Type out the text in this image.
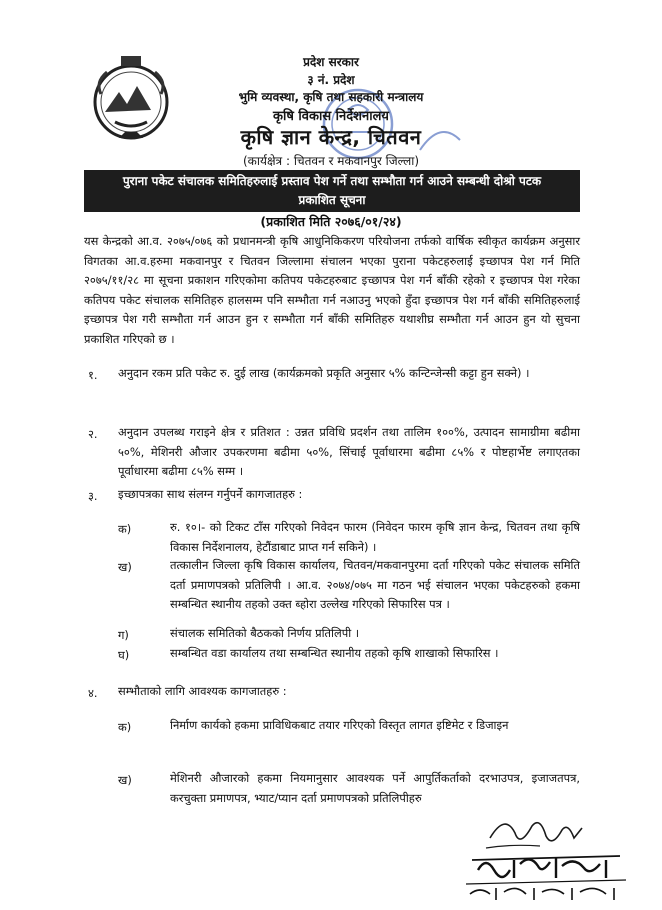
प्रदेश सरकार
३ नं. प्रदेश
भुमि व्यवस्था, कृषि तथा सहकारी मन्त्रालय
कृषि विकास निर्देशनालय
कृषि ज्ञान केन्द्र, चितवन
(कार्यक्षेत्र : चितवन र मकवानपुर जिल्ला)
पुराना पकेट संचालक समितिहरुलाई प्रस्ताव पेश गर्ने तथा सम्भौता गर्न आउने सम्बन्धी दोश्रो पटक
प्रकाशित सूचना
(प्रकाशित मिति २०७६/०१/२४)

यस केन्द्रको आ.व. २०७५/०७६ को प्रधानमन्त्री कृषि आधुनिकिकरण परियोजना तर्फको वार्षिक स्वीकृत कार्यक्रम अनुसार विगतका आ.व.हरुमा मकवानपुर र चितवन जिल्लामा संचालन भएका पुराना पकेटहरुलाई इच्छापत्र पेश गर्न मिति २०७५/११/२८ मा सूचना प्रकाशन गरिएकोमा कतिपय पकेटहरुबाट इच्छापत्र पेश गर्न बाँकी रहेको र इच्छापत्र पेश गरेका कतिपय पकेट संचालक समितिहरु हालसम्म पनि सम्भौता गर्न नआउनु भएको हुँदा इच्छापत्र पेश गर्न बाँकी समितिहरुलाई इच्छापत्र पेश गरी सम्भौता गर्न आउन हुन र सम्भौता गर्न बाँकी समितिहरु यथाशीघ्र सम्भौता गर्न आउन हुन यो सुचना प्रकाशित गरिएको छ ।

१. अनुदान रकम प्रति पकेट रु. दुई लाख (कार्यक्रमको प्रकृति अनुसार ५% कन्टिन्जेन्सी कट्टा हुन सक्ने) ।

२. अनुदान उपलब्ध गराइने क्षेत्र र प्रतिशत : उन्नत प्रविधि प्रदर्शन तथा तालिम १००%, उत्पादन सामाग्रीमा बढीमा ५०%, मेशिनरी औजार उपकरणमा बढीमा ५०%, सिंचाई पूर्वाधारमा बढीमा ८५% र पोष्टहार्भेष्ट लगाएतका पूर्वाधारमा बढीमा ८५% सम्म ।

३. इच्छापत्रका साथ संलग्न गर्नुपर्ने कागजातहरु :

क)	रु. १०।- को टिकट टाँस गरिएको निवेदन फारम (निवेदन फारम कृषि ज्ञान केन्द्र, चितवन तथा कृषि विकास निर्देशनालय, हेटौंडाबाट प्राप्त गर्न सकिने) ।

ख)	तत्कालीन जिल्ला कृषि विकास कार्यालय, चितवन/मकवानपुरमा दर्ता गरिएको पकेट संचालक समिति दर्ता प्रमाणपत्रको प्रतिलिपी । आ.व. २०७४/०७५ मा गठन भई संचालन भएका पकेटहरुको हकमा सम्बन्धित स्थानीय तहको उक्त ब्होरा उल्लेख गरिएको सिफारिस पत्र ।

ग)	संचालक समितिको बैठकको निर्णय प्रतिलिपी ।

घ)	सम्बन्धित वडा कार्यालय तथा सम्बन्धित स्थानीय तहको कृषि शाखाको सिफारिस ।

४. सम्भौताको लागि आवश्यक कागजातहरु :

क)	निर्माण कार्यको हकमा प्राविधिकबाट तयार गरिएको विस्तृत लागत इष्टिमेट र डिजाइन

ख)	मेशिनरी औजारको हकमा नियमानुसार आवश्यक पर्ने आपुर्तिकर्ताको दरभाउपत्र, इजाजतपत्र, करचुक्ता प्रमाणपत्र, भ्याट/प्यान दर्ता प्रमाणपत्रको प्रतिलिपीहरु
